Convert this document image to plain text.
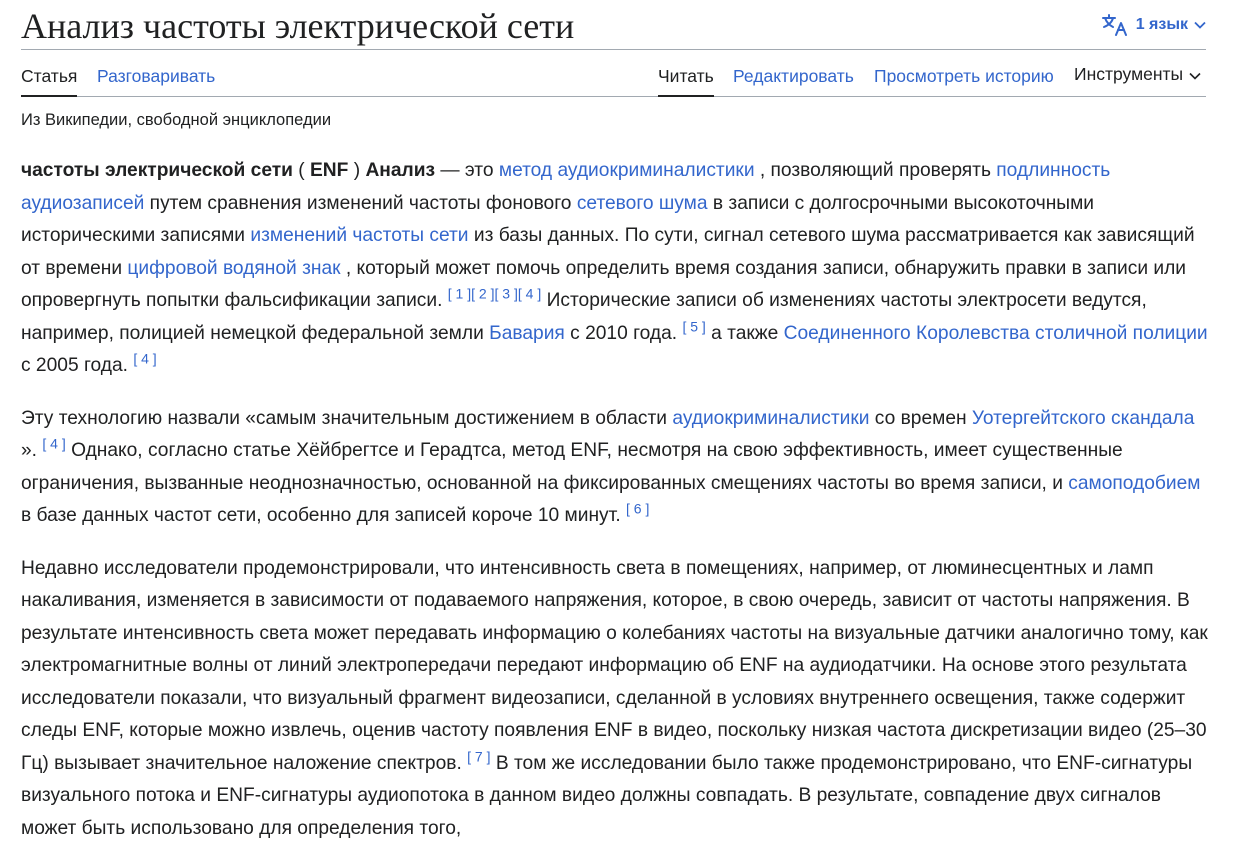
Анализ частоты электрической сети	1 язык
Статья Разговаривать	Читать Редактировать Просмотреть историю Инструменты
Из Википедии, свободной энциклопедии

частоты электрической сети ( ENF ) Анализ — это метод аудиокриминалистики , позволяющий проверять подлинность аудиозаписей путем сравнения изменений частоты фонового сетевого шума в записи с долгосрочными высокоточными историческими записями изменений частоты сети из базы данных. По сути, сигнал сетевого шума рассматривается как зависящий от времени цифровой водяной знак , который может помочь определить время создания записи, обнаружить правки в записи или опровергнуть попытки фальсификации записи. [ 1 ][ 2 ][ 3 ][ 4 ] Исторические записи об изменениях частоты электросети ведутся, например, полицией немецкой федеральной земли Бавария с 2010 года. [ 5 ] а также Соединенного Королевства столичной полиции с 2005 года. [ 4 ]

Эту технологию назвали «самым значительным достижением в области аудиокриминалистики со времен Уотергейтского скандала ». [ 4 ] Однако, согласно статье Хёйбрегтсе и Герадтса, метод ENF, несмотря на свою эффективность, имеет существенные ограничения, вызванные неоднозначностью, основанной на фиксированных смещениях частоты во время записи, и самоподобием в базе данных частот сети, особенно для записей короче 10 минут. [ 6 ]

Недавно исследователи продемонстрировали, что интенсивность света в помещениях, например, от люминесцентных и ламп накаливания, изменяется в зависимости от подаваемого напряжения, которое, в свою очередь, зависит от частоты напряжения. В результате интенсивность света может передавать информацию о колебаниях частоты на визуальные датчики аналогично тому, как электромагнитные волны от линий электропередачи передают информацию об ENF на аудиодатчики. На основе этого результата исследователи показали, что визуальный фрагмент видеозаписи, сделанной в условиях внутреннего освещения, также содержит следы ENF, которые можно извлечь, оценив частоту появления ENF в видео, поскольку низкая частота дискретизации видео (25–30 Гц) вызывает значительное наложение спектров. [ 7 ] В том же исследовании было также продемонстрировано, что ENF-сигнатуры визуального потока и ENF-сигнатуры аудиопотока в данном видео должны совпадать. В результате, совпадение двух сигналов может быть использовано для определения того,
